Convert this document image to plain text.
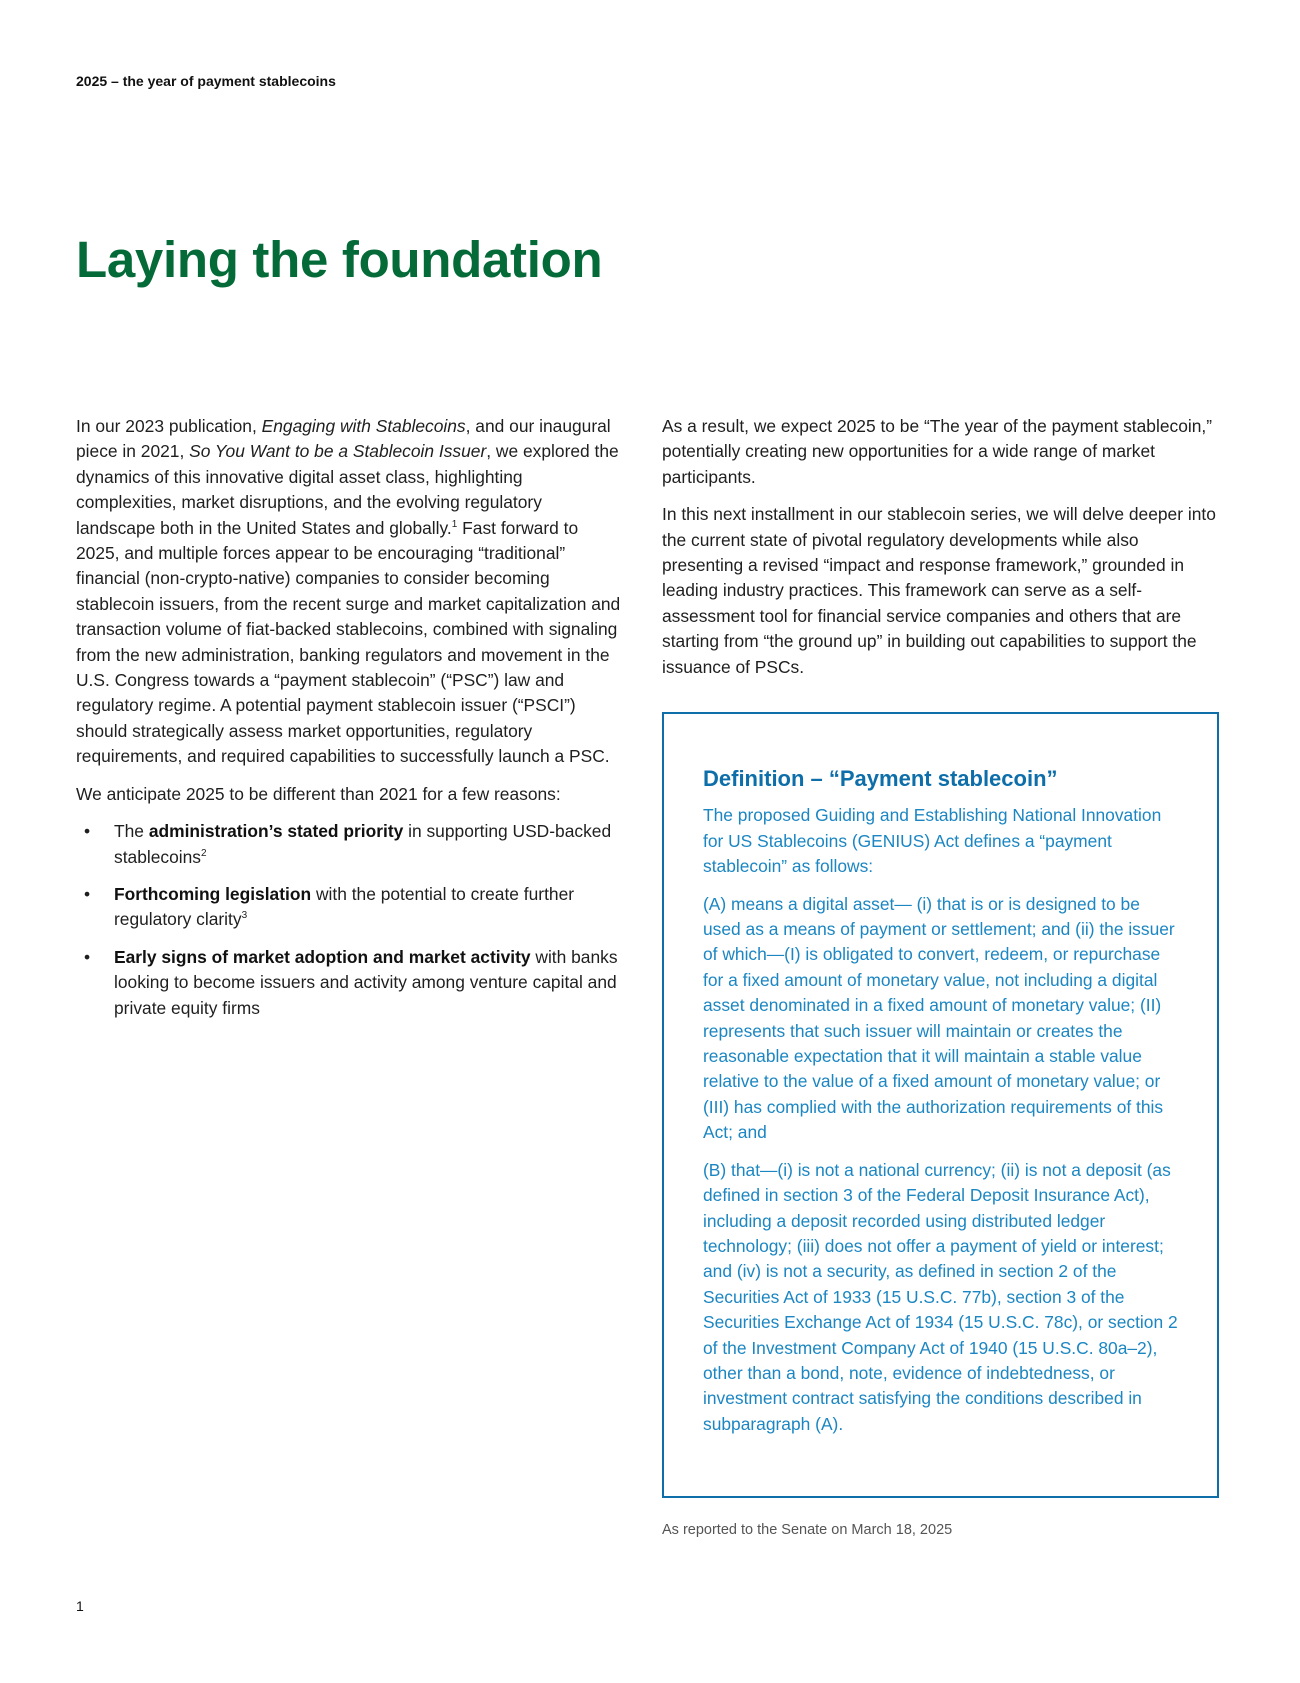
2025 – the year of payment stablecoins
Laying the foundation

In our 2023 publication, Engaging with Stablecoins, and our inaugural piece in 2021, So You Want to be a Stablecoin Issuer, we explored the dynamics of this innovative digital asset class, highlighting complexities, market disruptions, and the evolving regulatory landscape both in the United States and globally.$^1$ Fast forward to 2025, and multiple forces appear to be encouraging “traditional” financial (non-crypto-native) companies to consider becoming stablecoin issuers, from the recent surge and market capitalization and transaction volume of fiat-backed stablecoins, combined with signaling from the new administration, banking regulators and movement in the U.S. Congress towards a “payment stablecoin” (“PSC”) law and regulatory regime. A potential payment stablecoin issuer (“PSCI”) should strategically assess market opportunities, regulatory requirements, and required capabilities to successfully launch a PSC.

We anticipate 2025 to be different than 2021 for a few reasons:

• The administration’s stated priority in supporting USD-backed stablecoins$^2$
• Forthcoming legislation with the potential to create further regulatory clarity$^3$
• Early signs of market adoption and market activity with banks looking to become issuers and activity among venture capital and private equity firms

As a result, we expect 2025 to be “The year of the payment stablecoin,” potentially creating new opportunities for a wide range of market participants.

In this next installment in our stablecoin series, we will delve deeper into the current state of pivotal regulatory developments while also presenting a revised “impact and response framework,” grounded in leading industry practices. This framework can serve as a self-assessment tool for financial service companies and others that are starting from “the ground up” in building out capabilities to support the issuance of PSCs.

Definition – “Payment stablecoin”

The proposed Guiding and Establishing National Innovation for US Stablecoins (GENIUS) Act defines a “payment stablecoin” as follows:

(A) means a digital asset— (i) that is or is designed to be used as a means of payment or settlement; and (ii) the issuer of which—(I) is obligated to convert, redeem, or repurchase for a fixed amount of monetary value, not including a digital asset denominated in a fixed amount of monetary value; (II) represents that such issuer will maintain or creates the reasonable expectation that it will maintain a stable value relative to the value of a fixed amount of monetary value; or (III) has complied with the authorization requirements of this Act; and

(B) that—(i) is not a national currency; (ii) is not a deposit (as defined in section 3 of the Federal Deposit Insurance Act), including a deposit recorded using distributed ledger technology; (iii) does not offer a payment of yield or interest; and (iv) is not a security, as defined in section 2 of the Securities Act of 1933 (15 U.S.C. 77b), section 3 of the Securities Exchange Act of 1934 (15 U.S.C. 78c), or section 2 of the Investment Company Act of 1940 (15 U.S.C. 80a–2), other than a bond, note, evidence of indebtedness, or investment contract satisfying the conditions described in subparagraph (A).

As reported to the Senate on March 18, 2025
1
